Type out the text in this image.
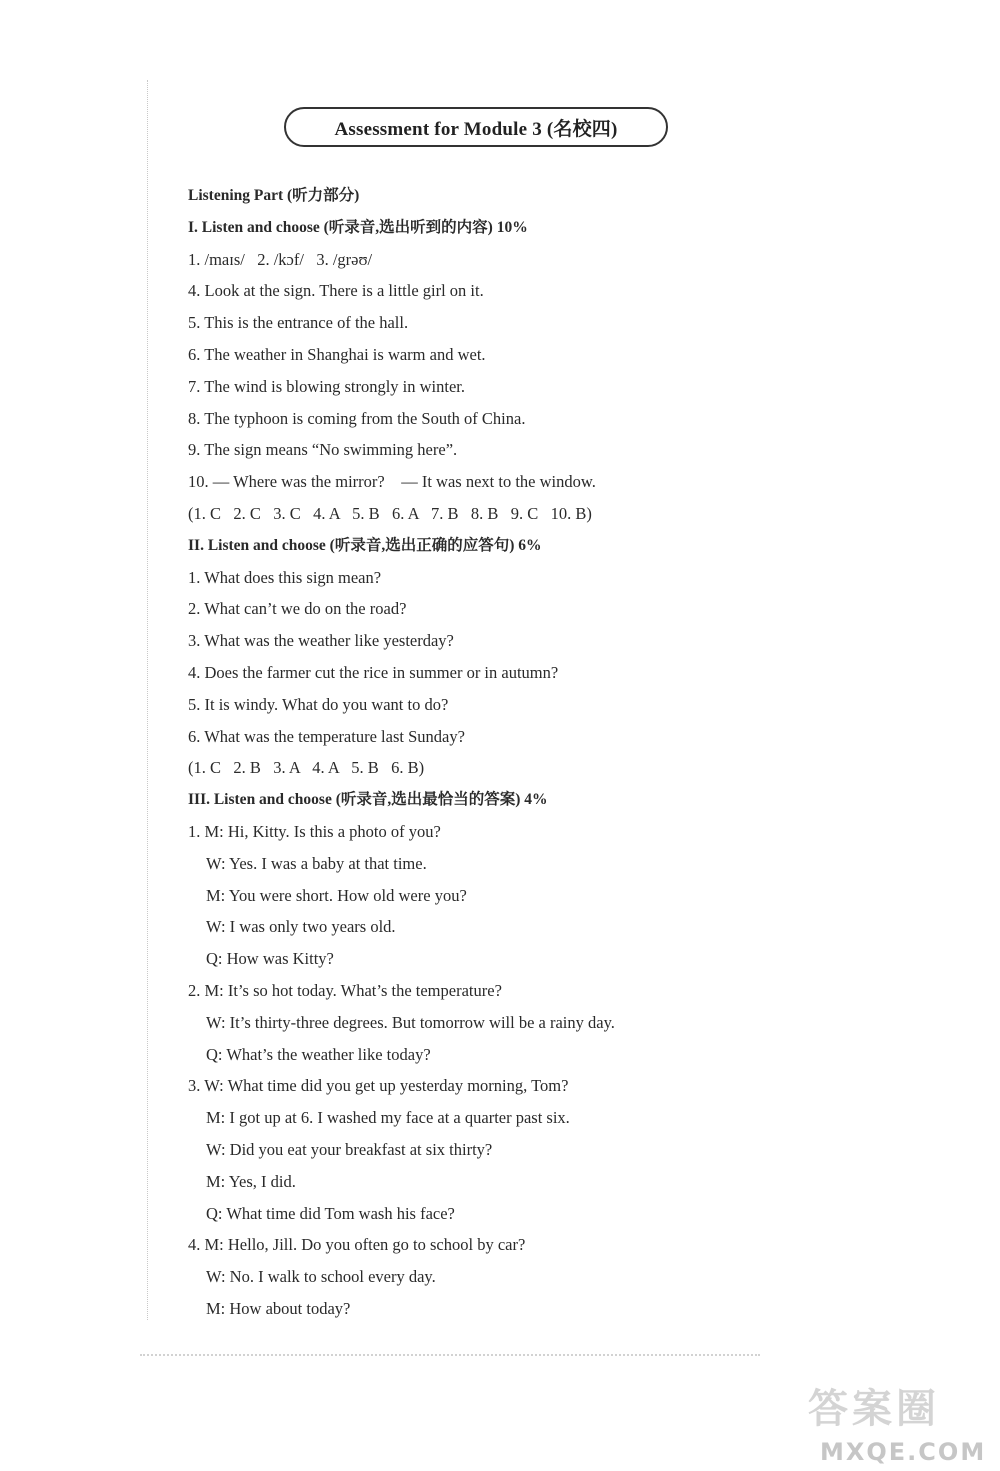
Assessment for Module 3 (名校四)
Listening Part (听力部分)
I. Listen and choose (听录音,选出听到的内容) 10%
1. /maɪs/   2. /kɔf/   3. /grəʊ/
4. Look at the sign. There is a little girl on it.
5. This is the entrance of the hall.
6. The weather in Shanghai is warm and wet.
7. The wind is blowing strongly in winter.
8. The typhoon is coming from the South of China.
9. The sign means “No swimming here”.
10. — Where was the mirror?    — It was next to the window.
(1. C   2. C   3. C   4. A   5. B   6. A   7. B   8. B   9. C   10. B)
II. Listen and choose (听录音,选出正确的应答句) 6%
1. What does this sign mean?
2. What can’t we do on the road?
3. What was the weather like yesterday?
4. Does the farmer cut the rice in summer or in autumn?
5. It is windy. What do you want to do?
6. What was the temperature last Sunday?
(1. C   2. B   3. A   4. A   5. B   6. B)
III. Listen and choose (听录音,选出最恰当的答案) 4%
1. M: Hi, Kitty. Is this a photo of you?
W: Yes. I was a baby at that time.
M: You were short. How old were you?
W: I was only two years old.
Q: How was Kitty?
2. M: It’s so hot today. What’s the temperature?
W: It’s thirty-three degrees. But tomorrow will be a rainy day.
Q: What’s the weather like today?
3. W: What time did you get up yesterday morning, Tom?
M: I got up at 6. I washed my face at a quarter past six.
W: Did you eat your breakfast at six thirty?
M: Yes, I did.
Q: What time did Tom wash his face?
4. M: Hello, Jill. Do you often go to school by car?
W: No. I walk to school every day.
M: How about today?
答案圈
MXQE.COM
